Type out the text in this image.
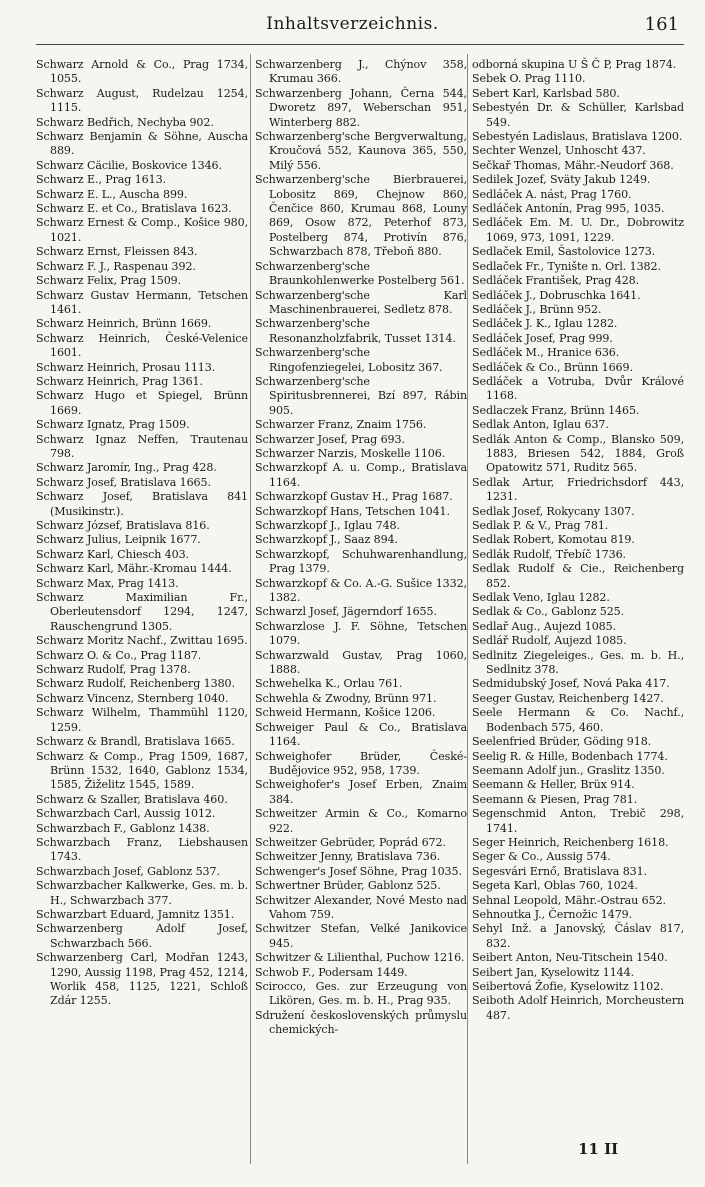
Inhaltsverzeichnis.	161

Schwarz Arnold & Co., Prag 1734, 1055.

Schwarz August, Rudelzau 1254, 1115.

Schwarz Bedřich, Nechyba 902.

Schwarz Benjamin & Söhne, Auscha 889.

Schwarz Cäcilie, Boskovice 1346.

Schwarz E., Prag 1613.

Schwarz E. L., Auscha 899.

Schwarz E. et Co., Bratislava 1623.

Schwarz Ernest & Comp., Košice 980, 1021.

Schwarz Ernst, Fleissen 843.

Schwarz F. J., Raspenau 392.

Schwarz Felix, Prag 1509.

Schwarz Gustav Hermann, Tetschen 1461.

Schwarz Heinrich, Brünn 1669.

Schwarz Heinrich, České-Velenice 1601.

Schwarz Heinrich, Prosau 1113.

Schwarz Heinrich, Prag 1361.

Schwarz Hugo et Spiegel, Brünn 1669.

Schwarz Ignatz, Prag 1509.

Schwarz Ignaz Neffen, Trautenau 798.

Schwarz Jaromír, Ing., Prag 428.

Schwarz Josef, Bratislava 1665.

Schwarz Josef, Bratislava 841 (Musikinstr.).

Schwarz József, Bratislava 816.

Schwarz Julius, Leipnik 1677.

Schwarz Karl, Chiesch 403.

Schwarz Karl, Mähr.-Kromau 1444.

Schwarz Max, Prag 1413.

Schwarz Maximilian Fr., Oberleutensdorf 1294, 1247, Rauschengrund 1305.

Schwarz Moritz Nachf., Zwittau 1695.

Schwarz O. & Co., Prag 1187.

Schwarz Rudolf, Prag 1378.

Schwarz Rudolf, Reichenberg 1380.

Schwarz Vincenz, Sternberg 1040.

Schwarz Wilhelm, Thammühl 1120, 1259.

Schwarz & Brandl, Bratislava 1665.

Schwarz & Comp., Prag 1509, 1687, Brünn 1532, 1640, Gablonz 1534, 1585, Žiželitz 1545, 1589.

Schwarz & Szaller, Bratislava 460.

Schwarzbach Carl, Aussig 1012.

Schwarzbach F., Gablonz 1438.

Schwarzbach Franz, Liebshausen 1743.

Schwarzbach Josef, Gablonz 537.

Schwarzbacher Kalkwerke, Ges. m. b. H., Schwarzbach 377.

Schwarzbart Eduard, Jamnitz 1351.

Schwarzenberg Adolf Josef, Schwarzbach 566.

Schwarzenberg Carl, Modřan 1243, 1290, Aussig 1198, Prag 452, 1214, Worlik 458, 1125, 1221, Schloß Zdár 1255.

Schwarzenberg J., Chýnov 358, Krumau 366.

Schwarzenberg Johann, Černa 544, Dworetz 897, Weberschan 951, Winterberg 882.

Schwarzenberg'sche Bergverwaltung, Kroučová 552, Kaunova 365, 550, Milý 556.

Schwarzenberg'sche Bierbrauerei, Lobositz 869, Chejnow 860, Čenčice 860, Krumau 868, Louny 869, Osow 872, Peterhof 873, Postelberg 874, Protivín 876, Schwarzbach 878, Třeboň 880.

Schwarzenberg'sche Braunkohlenwerke Postelberg 561.

Schwarzenberg'sche Karl Maschinenbrauerei, Sedletz 878.

Schwarzenberg'sche Resonanzholzfabrik, Tusset 1314.

Schwarzenberg'sche Ringofenziegelei, Lobositz 367.

Schwarzenberg'sche Spiritusbrennerei, Bzí 897, Rábin 905.

Schwarzer Franz, Znaim 1756.

Schwarzer Josef, Prag 693.

Schwarzer Narzis, Moskelle 1106.

Schwarzkopf A. u. Comp., Bratislava 1164.

Schwarzkopf Gustav H., Prag 1687.

Schwarzkopf Hans, Tetschen 1041.

Schwarzkopf J., Iglau 748.

Schwarzkopf J., Saaz 894.

Schwarzkopf, Schuhwarenhandlung, Prag 1379.

Schwarzkopf & Co. A.-G. Sušice 1332, 1382.

Schwarzl Josef, Jägerndorf 1655.

Schwarzlose J. F. Söhne, Tetschen 1079.

Schwarzwald Gustav, Prag 1060, 1888.

Schwehelka K., Orlau 761.

Schwehla & Zwodny, Brünn 971.

Schweid Hermann, Košice 1206.

Schweiger Paul & Co., Bratislava 1164.

Schweighofer Brüder, České-Budějovice 952, 958, 1739.

Schweighofer's Josef Erben, Znaim 384.

Schweitzer Armin & Co., Komarno 922.

Schweitzer Gebrüder, Poprád 672.

Schweitzer Jenny, Bratislava 736.

Schwenger's Josef Söhne, Prag 1035.

Schwertner Brüder, Gablonz 525.

Schwitzer Alexander, Nové Mesto nad Vahom 759.

Schwitzer Stefan, Velké Janikovice 945.

Schwitzer & Lilienthal, Puchow 1216.

Schwob F., Podersam 1449.

Scirocco, Ges. zur Erzeugung von Likören, Ges. m. b. H., Prag 935.

Sdružení československých průmyslu chemických-

odborná skupina U Š Č P, Prag 1874.

Sebek O. Prag 1110.

Sebert Karl, Karlsbad 580.

Sebestyén Dr. & Schüller, Karlsbad 549.

Sebestyén Ladislaus, Bratislava 1200.

Sechter Wenzel, Unhoscht 437.

Sečkař Thomas, Mähr.-Neudorf 368.

Sedilek Jozef, Sväty Jakub 1249.

Sedláček A. nást, Prag 1760.

Sedláček Antonín, Prag 995, 1035.

Sedláček Em. M. U. Dr., Dobrowitz 1069, 973, 1091, 1229.

Sedlaček Emil, Šastolovice 1273.

Sedlaček Fr., Tynište n. Orl. 1382.

Sedláček František, Prag 428.

Sedláček J., Dobruschka 1641.

Sedláček J., Brünn 952.

Sedláček J. K., Iglau 1282.

Sedláček Josef, Prag 999.

Sedláček M., Hranice 636.

Sedláček & Co., Brünn 1669.

Sedláček a Votruba, Dvůr Králové 1168.

Sedlaczek Franz, Brünn 1465.

Sedlak Anton, Iglau 637.

Sedlák Anton & Comp., Blansko 509, 1883, Briesen 542, 1884, Groß Opatowitz 571, Ruditz 565.

Sedlak Artur, Friedrichsdorf 443, 1231.

Sedlak Josef, Rokycany 1307.

Sedlak P. & V., Prag 781.

Sedlak Robert, Komotau 819.

Sedlák Rudolf, Třebíč 1736.

Sedlak Rudolf & Cie., Reichenberg 852.

Sedlak Veno, Iglau 1282.

Sedlak & Co., Gablonz 525.

Sedlař Aug., Aujezd 1085.

Sedlář Rudolf, Aujezd 1085.

Sedlnitz Ziegeleiges., Ges. m. b. H., Sedlnitz 378.

Sedmidubský Josef, Nová Paka 417.

Seeger Gustav, Reichenberg 1427.

Seele Hermann & Co. Nachf., Bodenbach 575, 460.

Seelenfried Brüder, Göding 918.

Seelig R. & Hille, Bodenbach 1774.

Seemann Adolf jun., Graslitz 1350.

Seemann & Heller, Brüx 914.

Seemann & Piesen, Prag 781.

Segenschmid Anton, Trebič 298, 1741.

Seger Heinrich, Reichenberg 1618.

Seger & Co., Aussig 574.

Segesvári Ernő, Bratislava 831.

Segeta Karl, Oblas 760, 1024.

Sehnal Leopold, Mähr.-Ostrau 652.

Sehnoutka J., Černožic 1479.

Sehyl Inž. a Janovský, Čáslav 817, 832.

Seibert Anton, Neu-Titschein 1540.

Seibert Jan, Kyselowitz 1144.

Seibertová Žofie, Kyselowitz 1102.

Seiboth Adolf Heinrich, Morcheustern 487.

11 II
